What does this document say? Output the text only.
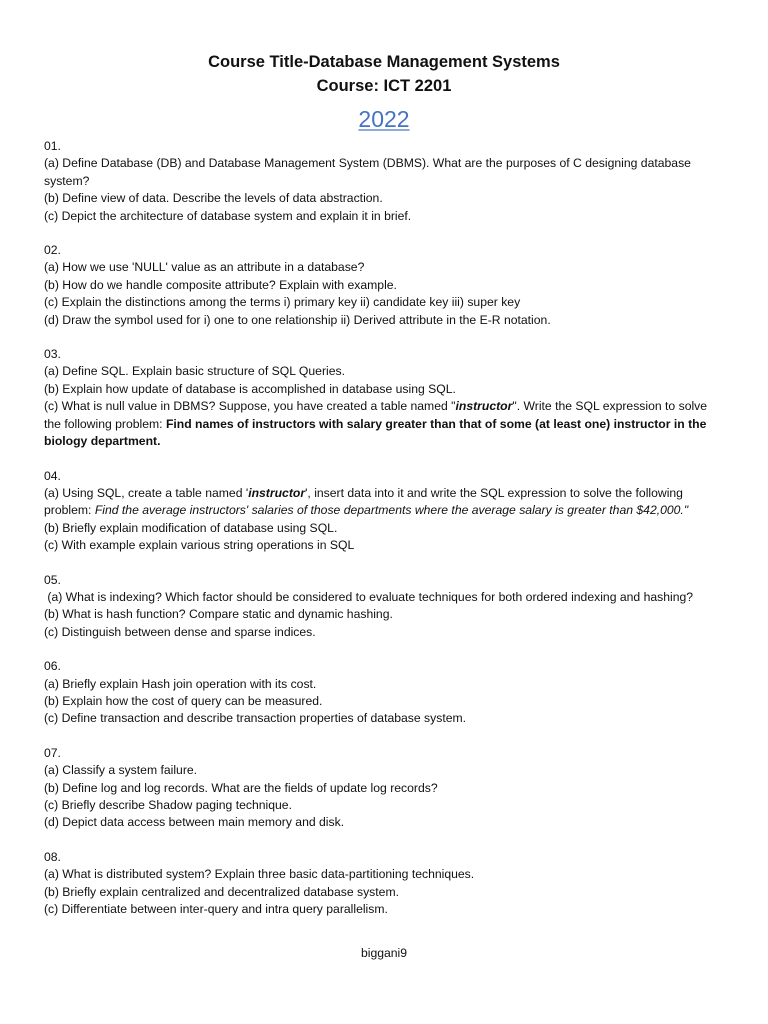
Course Title-Database Management Systems

Course: ICT 2201

2022

01.

(a) Define Database (DB) and Database Management System (DBMS). What are the purposes of C designing database system?

(b) Define view of data. Describe the levels of data abstraction.

(c) Depict the architecture of database system and explain it in brief.

02.

(a) How we use 'NULL' value as an attribute in a database?

(b) How do we handle composite attribute? Explain with example.

(c) Explain the distinctions among the terms i) primary key ii) candidate key iii) super key

(d) Draw the symbol used for i) one to one relationship ii) Derived attribute in the E-R notation.

03.

(a) Define SQL. Explain basic structure of SQL Queries.

(b) Explain how update of database is accomplished in database using SQL.

(c) What is null value in DBMS? Suppose, you have created a table named "instructor". Write the SQL expression to solve the following problem: Find names of instructors with salary greater than that of some (at least one) instructor in the biology department.

04.

(a) Using SQL, create a table named 'instructor', insert data into it and write the SQL expression to solve the following problem: Find the average instructors' salaries of those departments where the average salary is greater than $42,000."

(b) Briefly explain modification of database using SQL.

(c) With example explain various string operations in SQL

05.

(a) What is indexing? Which factor should be considered to evaluate techniques for both ordered indexing and hashing?

(b) What is hash function? Compare static and dynamic hashing.

(c) Distinguish between dense and sparse indices.

06.

(a) Briefly explain Hash join operation with its cost.

(b) Explain how the cost of query can be measured.

(c) Define transaction and describe transaction properties of database system.

07.

(a) Classify a system failure.

(b) Define log and log records. What are the fields of update log records?

(c) Briefly describe Shadow paging technique.

(d) Depict data access between main memory and disk.

08.

(a) What is distributed system? Explain three basic data-partitioning techniques.

(b) Briefly explain centralized and decentralized database system.

(c) Differentiate between inter-query and intra query parallelism.

biggani9
